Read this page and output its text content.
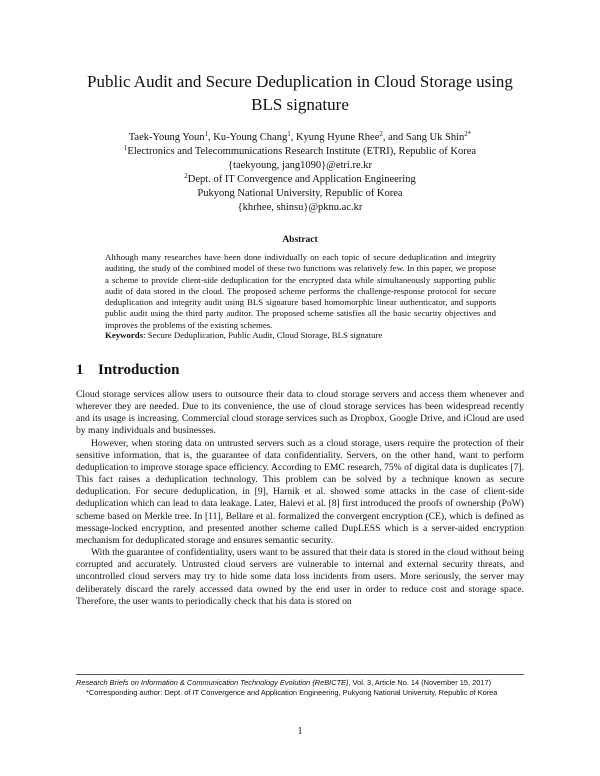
Public Audit and Secure Deduplication in Cloud Storage using
BLS signature
Taek-Young Youn$^1$, Ku-Young Chang$^1$, Kyung Hyune Rhee$^2$, and Sang Uk Shin$^{2*}$
$^1$Electronics and Telecommunications Research Institute (ETRI), Republic of Korea
{taekyoung, jang1090}@etri.re.kr
$^2$Dept. of IT Convergence and Application Engineering
Pukyong National University, Republic of Korea
{khrhee, shinsu}@pknu.ac.kr
Abstract
Although many researches have been done individually on each topic of secure deduplication and integrity auditing, the study of the combined model of these two functions was relatively few. In this paper, we propose a scheme to provide client-side deduplication for the encrypted data while simultaneously supporting public audit of data stored in the cloud. The proposed scheme performs the challenge-response protocol for secure deduplication and integrity audit using BLS signature based homomorphic linear authenticator, and supports public audit using the third party auditor. The proposed scheme satisfies all the basic security objectives and improves the problems of the existing schemes.
Keywords: Secure Deduplication, Public Audit, Cloud Storage, BLS signature
1 Introduction

Cloud storage services allow users to outsource their data to cloud storage servers and access them whenever and wherever they are needed. Due to its convenience, the use of cloud storage services has been widespread recently and its usage is increasing. Commercial cloud storage services such as Dropbox, Google Drive, and iCloud are used by many individuals and businesses.

However, when storing data on untrusted servers such as a cloud storage, users require the protection of their sensitive information, that is, the guarantee of data confidentiality. Servers, on the other hand, want to perform deduplication to improve storage space efficiency. According to EMC research, 75% of digital data is duplicates [7]. This fact raises a deduplication technology. This problem can be solved by a technique known as secure deduplication. For secure deduplication, in [9], Harnik et al. showed some attacks in the case of client-side deduplication which can lead to data leakage. Later, Halevi et al. [8] first introduced the proofs of ownership (PoW) scheme based on Merkle tree. In [11], Bellare et al. formalized the convergent encryption (CE), which is defined as message-locked encryption, and presented another scheme called DupLESS which is a server-aided encryption mechanism for deduplicated storage and ensures semantic security.

With the guarantee of confidentiality, users want to be assured that their data is stored in the cloud without being corrupted and accurately. Untrusted cloud servers are vulnerable to internal and external security threats, and uncontrolled cloud servers may try to hide some data loss incidents from users. More seriously, the server may deliberately discard the rarely accessed data owned by the end user in order to reduce cost and storage space. Therefore, the user wants to periodically check that his data is stored on

Research Briefs on Information & Communication Technology Evolution (ReBICTE), Vol. 3, Article No. 14 (November 15, 2017)
*Corresponding author: Dept. of IT Convergence and Application Engineering, Pukyong National University, Republic of Korea
1
